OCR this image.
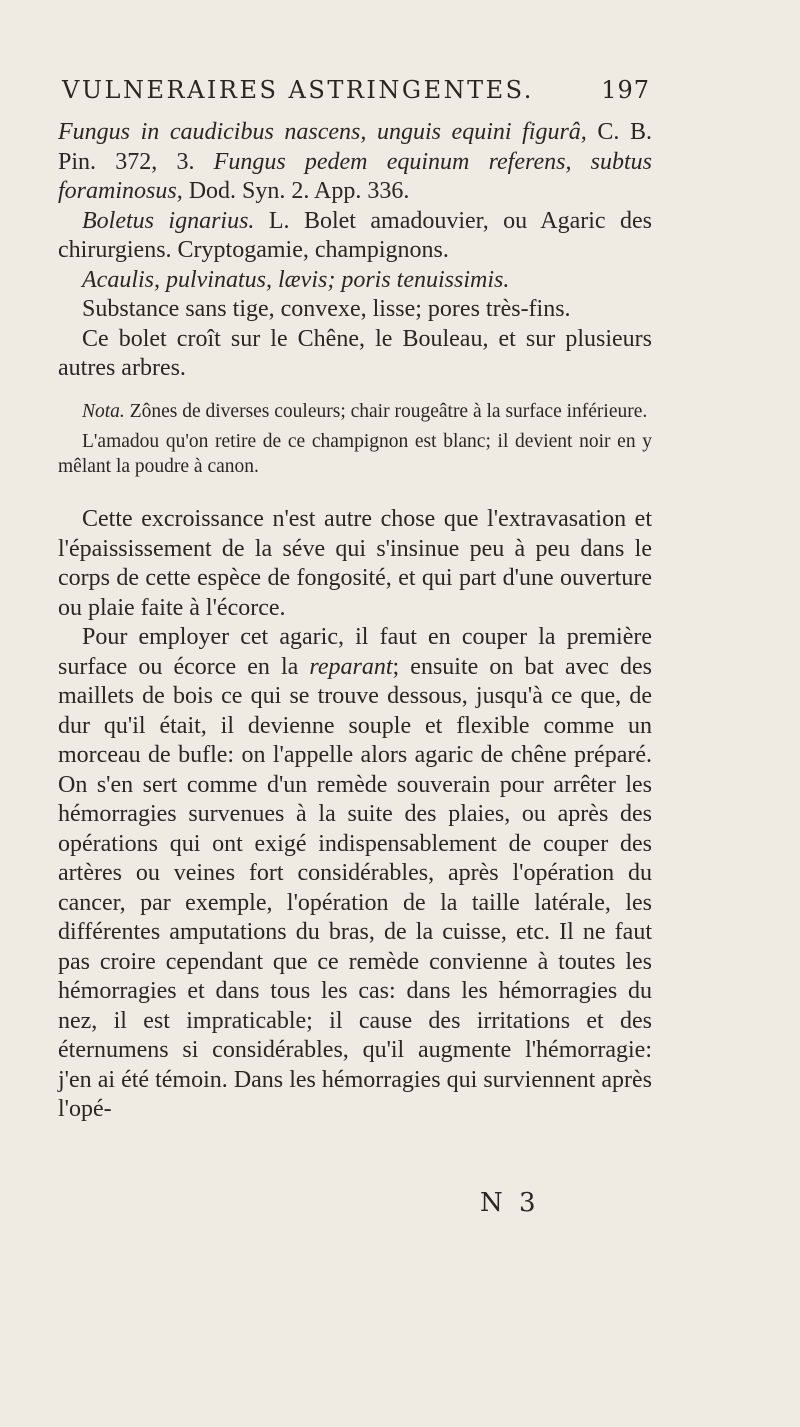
VULNERAIRES ASTRINGENTES.	197

Fungus in caudicibus nascens, unguis equini figurâ, C. B. Pin. 372, 3. Fungus pedem equinum referens, subtus foraminosus, Dod. Syn. 2. App. 336.

Boletus ignarius. L. Bolet amadouvier, ou Agaric des chirurgiens. Cryptogamie, champignons.

Acaulis, pulvinatus, lævis; poris tenuissimis.

Substance sans tige, convexe, lisse; pores très-fins.

Ce bolet croît sur le Chêne, le Bouleau, et sur plusieurs autres arbres.

Nota. Zônes de diverses couleurs; chair rougeâtre à la surface inférieure.

L'amadou qu'on retire de ce champignon est blanc; il devient noir en y mêlant la poudre à canon.

Cette excroissance n'est autre chose que l'extravasation et l'épaississement de la séve qui s'insinue peu à peu dans le corps de cette espèce de fongosité, et qui part d'une ouverture ou plaie faite à l'écorce.

Pour employer cet agaric, il faut en couper la première surface ou écorce en la reparant; ensuite on bat avec des maillets de bois ce qui se trouve dessous, jusqu'à ce que, de dur qu'il était, il devienne souple et flexible comme un morceau de bufle: on l'appelle alors agaric de chêne préparé. On s'en sert comme d'un remède souverain pour arrêter les hémorragies survenues à la suite des plaies, ou après des opérations qui ont exigé indispensablement de couper des artères ou veines fort considérables, après l'opération du cancer, par exemple, l'opération de la taille latérale, les différentes amputations du bras, de la cuisse, etc. Il ne faut pas croire cependant que ce remède convienne à toutes les hémorragies et dans tous les cas: dans les hémorragies du nez, il est impraticable; il cause des irritations et des éternumens si considérables, qu'il augmente l'hémorragie: j'en ai été témoin. Dans les hémorragies qui surviennent après l'opé-

N 3
